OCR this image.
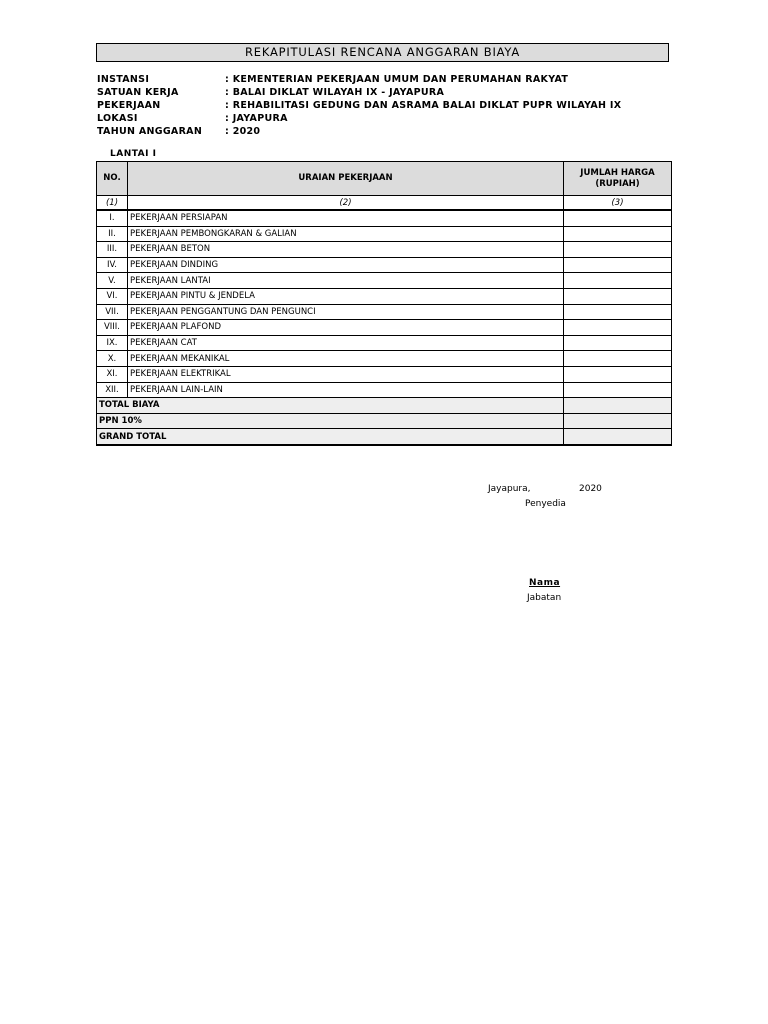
REKAPITULASI RENCANA ANGGARAN BIAYA
INSTANSI	: KEMENTERIAN PEKERJAAN UMUM DAN PERUMAHAN RAKYAT
SATUAN KERJA	: BALAI DIKLAT WILAYAH IX - JAYAPURA
PEKERJAAN	: REHABILITASI GEDUNG DAN ASRAMA BALAI DIKLAT PUPR WILAYAH IX
LOKASI	: JAYAPURA
TAHUN ANGGARAN : 2020
LANTAI I
NO.	URAIAN PEKERJAAN	JUMLAH HARGA
(RUPIAH)
(1)	(2)	(3)
I.	PEKERJAAN PERSIAPAN	
II.	PEKERJAAN PEMBONGKARAN & GALIAN	
III.	PEKERJAAN BETON	
IV.	PEKERJAAN DINDING	
V.	PEKERJAAN LANTAI	
VI.	PEKERJAAN PINTU & JENDELA	
VII.	PEKERJAAN PENGGANTUNG DAN PENGUNCI	
VIII.	PEKERJAAN PLAFOND	
IX.	PEKERJAAN CAT	
X.	PEKERJAAN MEKANIKAL	
XI.	PEKERJAAN ELEKTRIKAL	
XII.	PEKERJAAN LAIN-LAIN	
TOTAL BIAYA		
PPN 10%		
GRAND TOTAL		
Jayapura,	2020
Penyedia
Nama
Jabatan
